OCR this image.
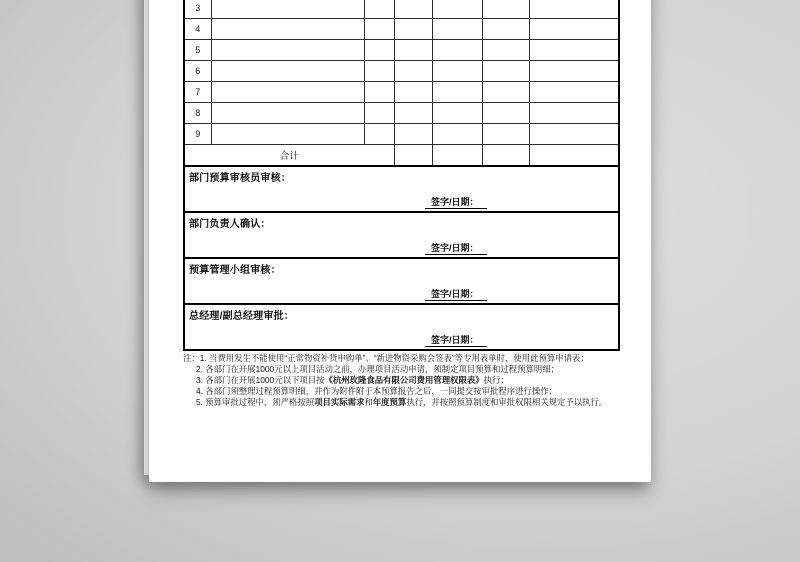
3						
4						
5						
6						
7						
8						
9						
合计						

部门预算审核员审核：
签字/日期：						

部门负责人确认：
签字/日期：						

预算管理小组审核：
签字/日期：						

总经理/副总经理审批：
签字/日期：						
注：1. 当费用发生不能使用“正常物资补货申购单”、“新进物资采购会签表”等专用表单时，使用此预算申请表；
2. 各部门在开展1000元以上项目活动之前，办理项目活动申请，须制定项目预算和过程预算明细；
3. 各部门在开展1000元以下项目按《杭州玫隆食品有限公司费用管理权限表》执行；
4. 各部门须整理过程预算明细，并作为附件附于本预算报告之后，一同提交按审批程序进行操作；
5. 预算审批过程中，须严格按照项目实际需求和年度预算执行，并按照预算制度和审批权限相关规定予以执行。
